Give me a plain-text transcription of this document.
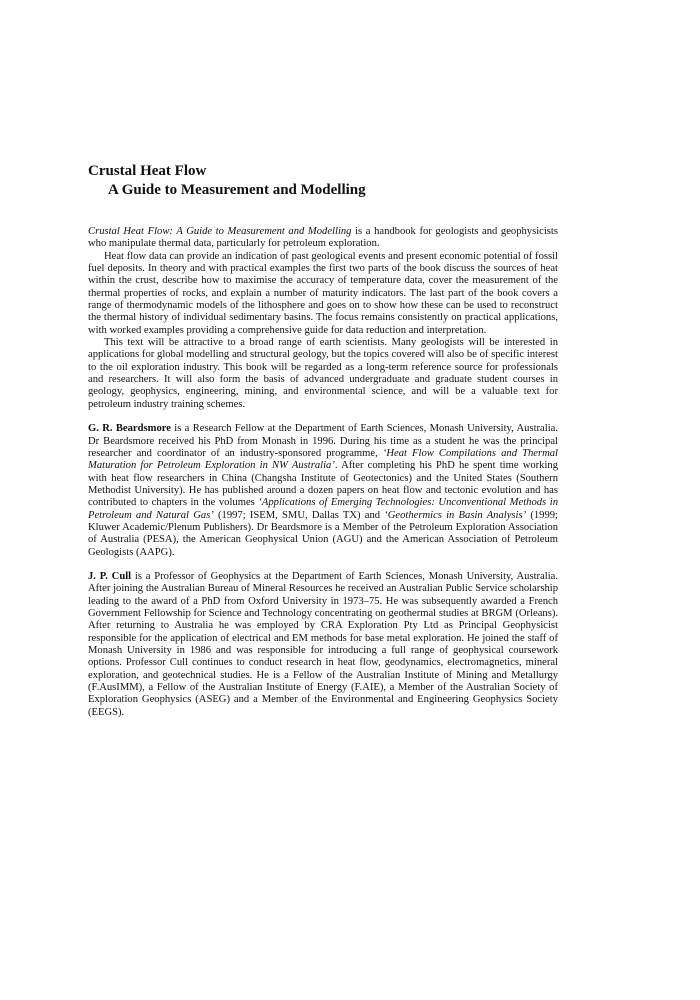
Crustal Heat Flow
A Guide to Measurement and Modelling

Crustal Heat Flow: A Guide to Measurement and Modelling is a handbook for geologists and geophysicists who manipulate thermal data, particularly for petroleum exploration.

Heat flow data can provide an indication of past geological events and present economic potential of fossil fuel deposits. In theory and with practical examples the first two parts of the book discuss the sources of heat within the crust, describe how to maximise the accuracy of temperature data, cover the measurement of the thermal properties of rocks, and explain a number of maturity indicators. The last part of the book covers a range of thermodynamic models of the lithosphere and goes on to show how these can be used to reconstruct the thermal history of individual sedimentary basins. The focus remains consistently on practical applications, with worked examples providing a comprehensive guide for data reduction and interpretation.

This text will be attractive to a broad range of earth scientists. Many geologists will be interested in applications for global modelling and structural geology, but the topics covered will also be of specific interest to the oil exploration industry. This book will be regarded as a long-term reference source for professionals and researchers. It will also form the basis of advanced undergraduate and graduate student courses in geology, geophysics, engineering, mining, and environmental science, and will be a valuable text for petroleum industry training schemes.

G. R. Beardsmore is a Research Fellow at the Department of Earth Sciences, Monash University, Australia. Dr Beardsmore received his PhD from Monash in 1996. During his time as a student he was the principal researcher and coordinator of an industry-sponsored programme, ‘Heat Flow Compilations and Thermal Maturation for Petroleum Exploration in NW Australia’. After completing his PhD he spent time working with heat flow researchers in China (Changsha Institute of Geotectonics) and the United States (Southern Methodist University). He has published around a dozen papers on heat flow and tectonic evolution and has contributed to chapters in the volumes ‘Applications of Emerging Technologies: Unconventional Methods in Petroleum and Natural Gas’ (1997; ISEM, SMU, Dallas TX) and ‘Geothermics in Basin Analysis’ (1999; Kluwer Academic/Plenum Publishers). Dr Beardsmore is a Member of the Petroleum Exploration Association of Australia (PESA), the American Geophysical Union (AGU) and the American Association of Petroleum Geologists (AAPG).

J. P. Cull is a Professor of Geophysics at the Department of Earth Sciences, Monash University, Australia. After joining the Australian Bureau of Mineral Resources he received an Australian Public Service scholarship leading to the award of a PhD from Oxford University in 1973–75. He was subsequently awarded a French Government Fellowship for Science and Technology concentrating on geothermal studies at BRGM (Orleans). After returning to Australia he was employed by CRA Exploration Pty Ltd as Principal Geophysicist responsible for the application of electrical and EM methods for base metal exploration. He joined the staff of Monash University in 1986 and was responsible for introducing a full range of geophysical coursework options. Professor Cull continues to conduct research in heat flow, geodynamics, electromagnetics, mineral exploration, and geotechnical studies. He is a Fellow of the Australian Institute of Mining and Metallurgy (F.AusIMM), a Fellow of the Australian Institute of Energy (F.AIE), a Member of the Australian Society of Exploration Geophysics (ASEG) and a Member of the Environmental and Engineering Geophysics Society (EEGS).
